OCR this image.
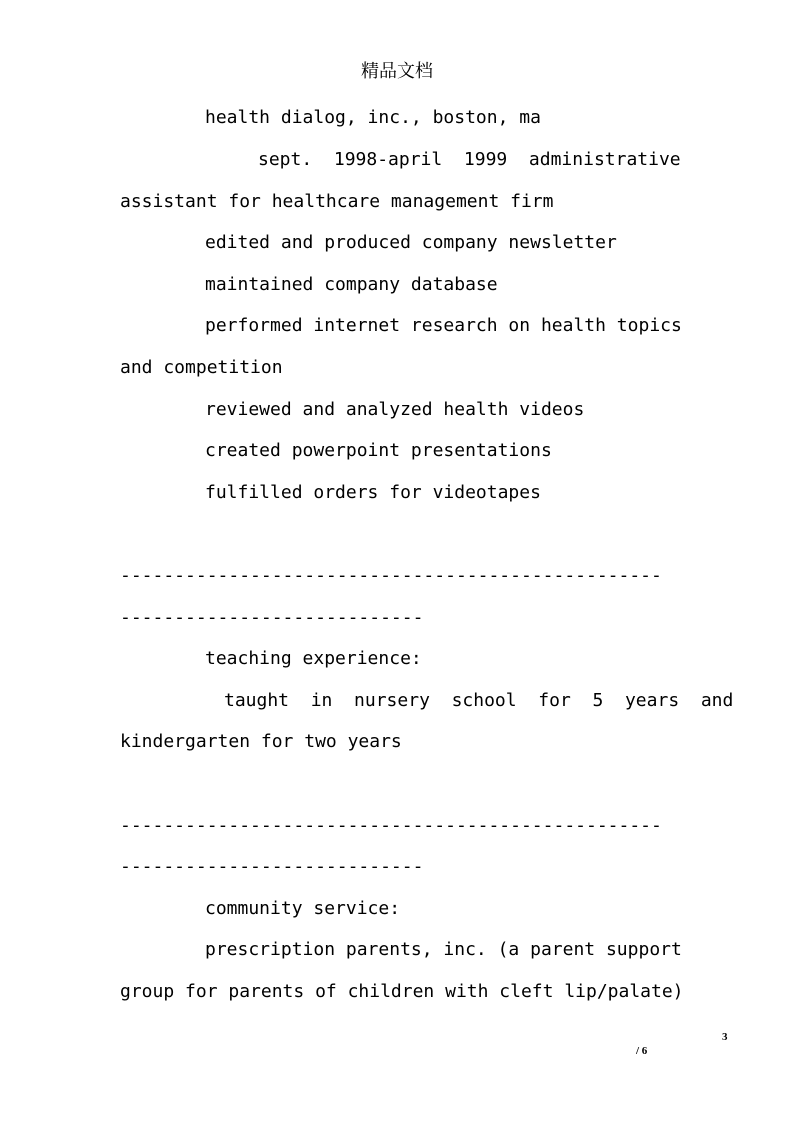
精品文档
health dialog, inc., boston, ma
sept.  1998-april  1999  administrative
assistant for healthcare management firm
edited and produced company newsletter
maintained company database
performed internet research on health topics
and competition
reviewed and analyzed health videos
created powerpoint presentations
fulfilled orders for videotapes
--------------------------------------------------
----------------------------
teaching experience:
taught  in  nursery  school  for  5  years  and
kindergarten for two years
--------------------------------------------------
----------------------------
community service:
prescription parents, inc. (a parent support
group for parents of children with cleft lip/palate)
3
/ 6
